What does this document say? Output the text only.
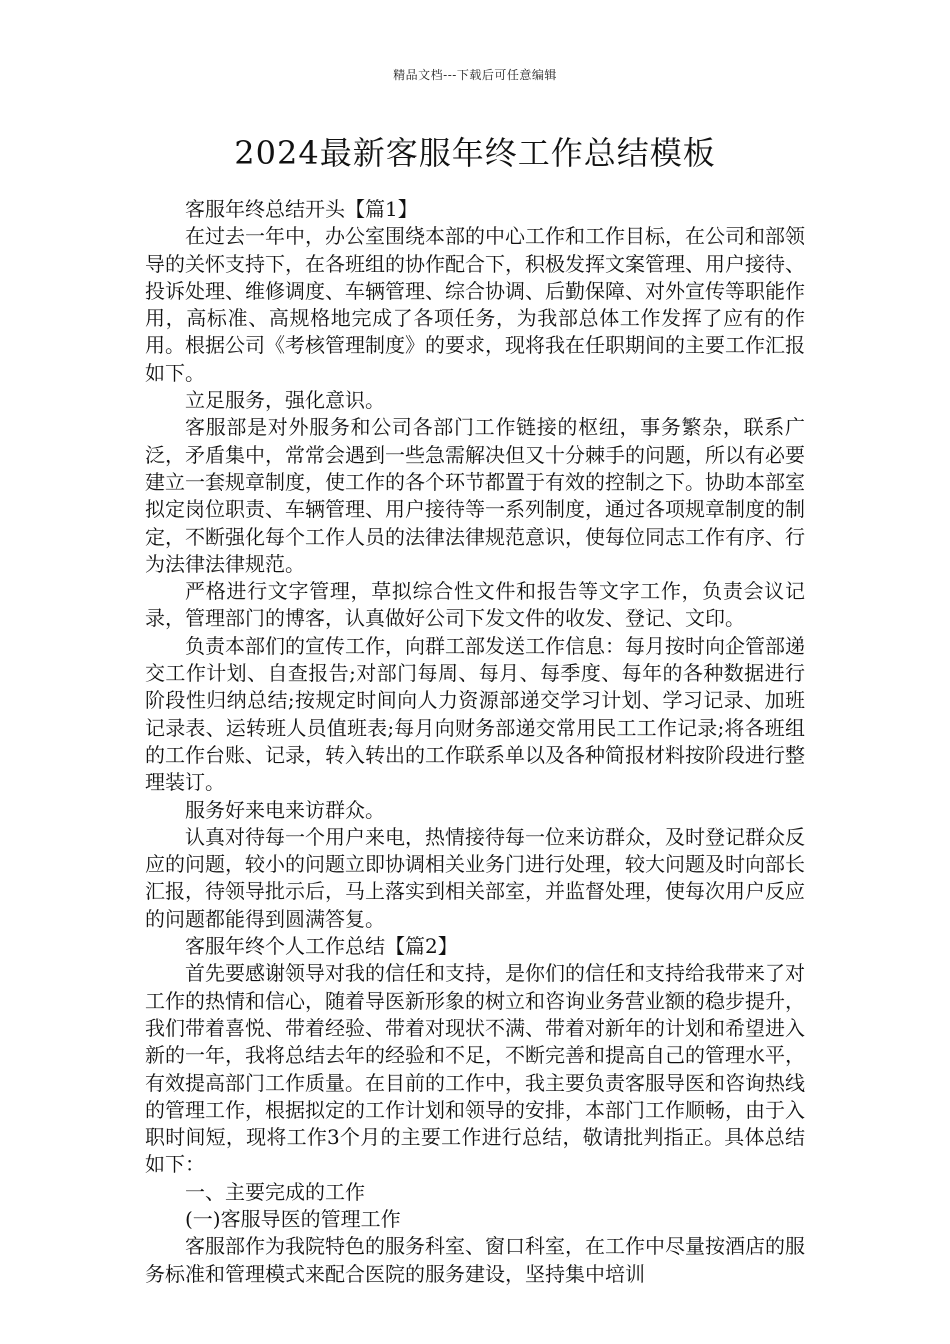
精品文档---下载后可任意编辑
2024最新客服年终工作总结模板

客服年终总结开头【篇1】

在过去一年中，办公室围绕本部的中心工作和工作目标，在公司和部领导的关怀支持下，在各班组的协作配合下，积极发挥文案管理、用户接待、投诉处理、维修调度、车辆管理、综合协调、后勤保障、对外宣传等职能作用，高标准、高规格地完成了各项任务，为我部总体工作发挥了应有的作用。根据公司《考核管理制度》的要求，现将我在任职期间的主要工作汇报如下。

立足服务，强化意识。

客服部是对外服务和公司各部门工作链接的枢纽，事务繁杂，联系广泛，矛盾集中，常常会遇到一些急需解决但又十分棘手的问题，所以有必要建立一套规章制度，使工作的各个环节都置于有效的控制之下。协助本部室拟定岗位职责、车辆管理、用户接待等一系列制度，通过各项规章制度的制定，不断强化每个工作人员的法律法律规范意识，使每位同志工作有序、行为法律法律规范。

严格进行文字管理，草拟综合性文件和报告等文字工作，负责会议记录，管理部门的博客，认真做好公司下发文件的收发、登记、文印。

负责本部们的宣传工作，向群工部发送工作信息：每月按时向企管部递交工作计划、自查报告;对部门每周、每月、每季度、每年的各种数据进行阶段性归纳总结;按规定时间向人力资源部递交学习计划、学习记录、加班记录表、运转班人员值班表;每月向财务部递交常用民工工作记录;将各班组的工作台账、记录，转入转出的工作联系单以及各种简报材料按阶段进行整理装订。

服务好来电来访群众。

认真对待每一个用户来电，热情接待每一位来访群众，及时登记群众反应的问题，较小的问题立即协调相关业务门进行处理，较大问题及时向部长汇报，待领导批示后，马上落实到相关部室，并监督处理，使每次用户反应的问题都能得到圆满答复。

客服年终个人工作总结【篇2】

首先要感谢领导对我的信任和支持，是你们的信任和支持给我带来了对工作的热情和信心，随着导医新形象的树立和咨询业务营业额的稳步提升，我们带着喜悦、带着经验、带着对现状不满、带着对新年的计划和希望进入新的一年，我将总结去年的经验和不足，不断完善和提高自己的管理水平，有效提高部门工作质量。在目前的工作中，我主要负责客服导医和咨询热线的管理工作，根据拟定的工作计划和领导的安排，本部门工作顺畅，由于入职时间短，现将工作3个月的主要工作进行总结，敬请批判指正。具体总结如下：

一、主要完成的工作

(一)客服导医的管理工作

客服部作为我院特色的服务科室、窗口科室，在工作中尽量按酒店的服务标准和管理模式来配合医院的服务建设，坚持集中培训
